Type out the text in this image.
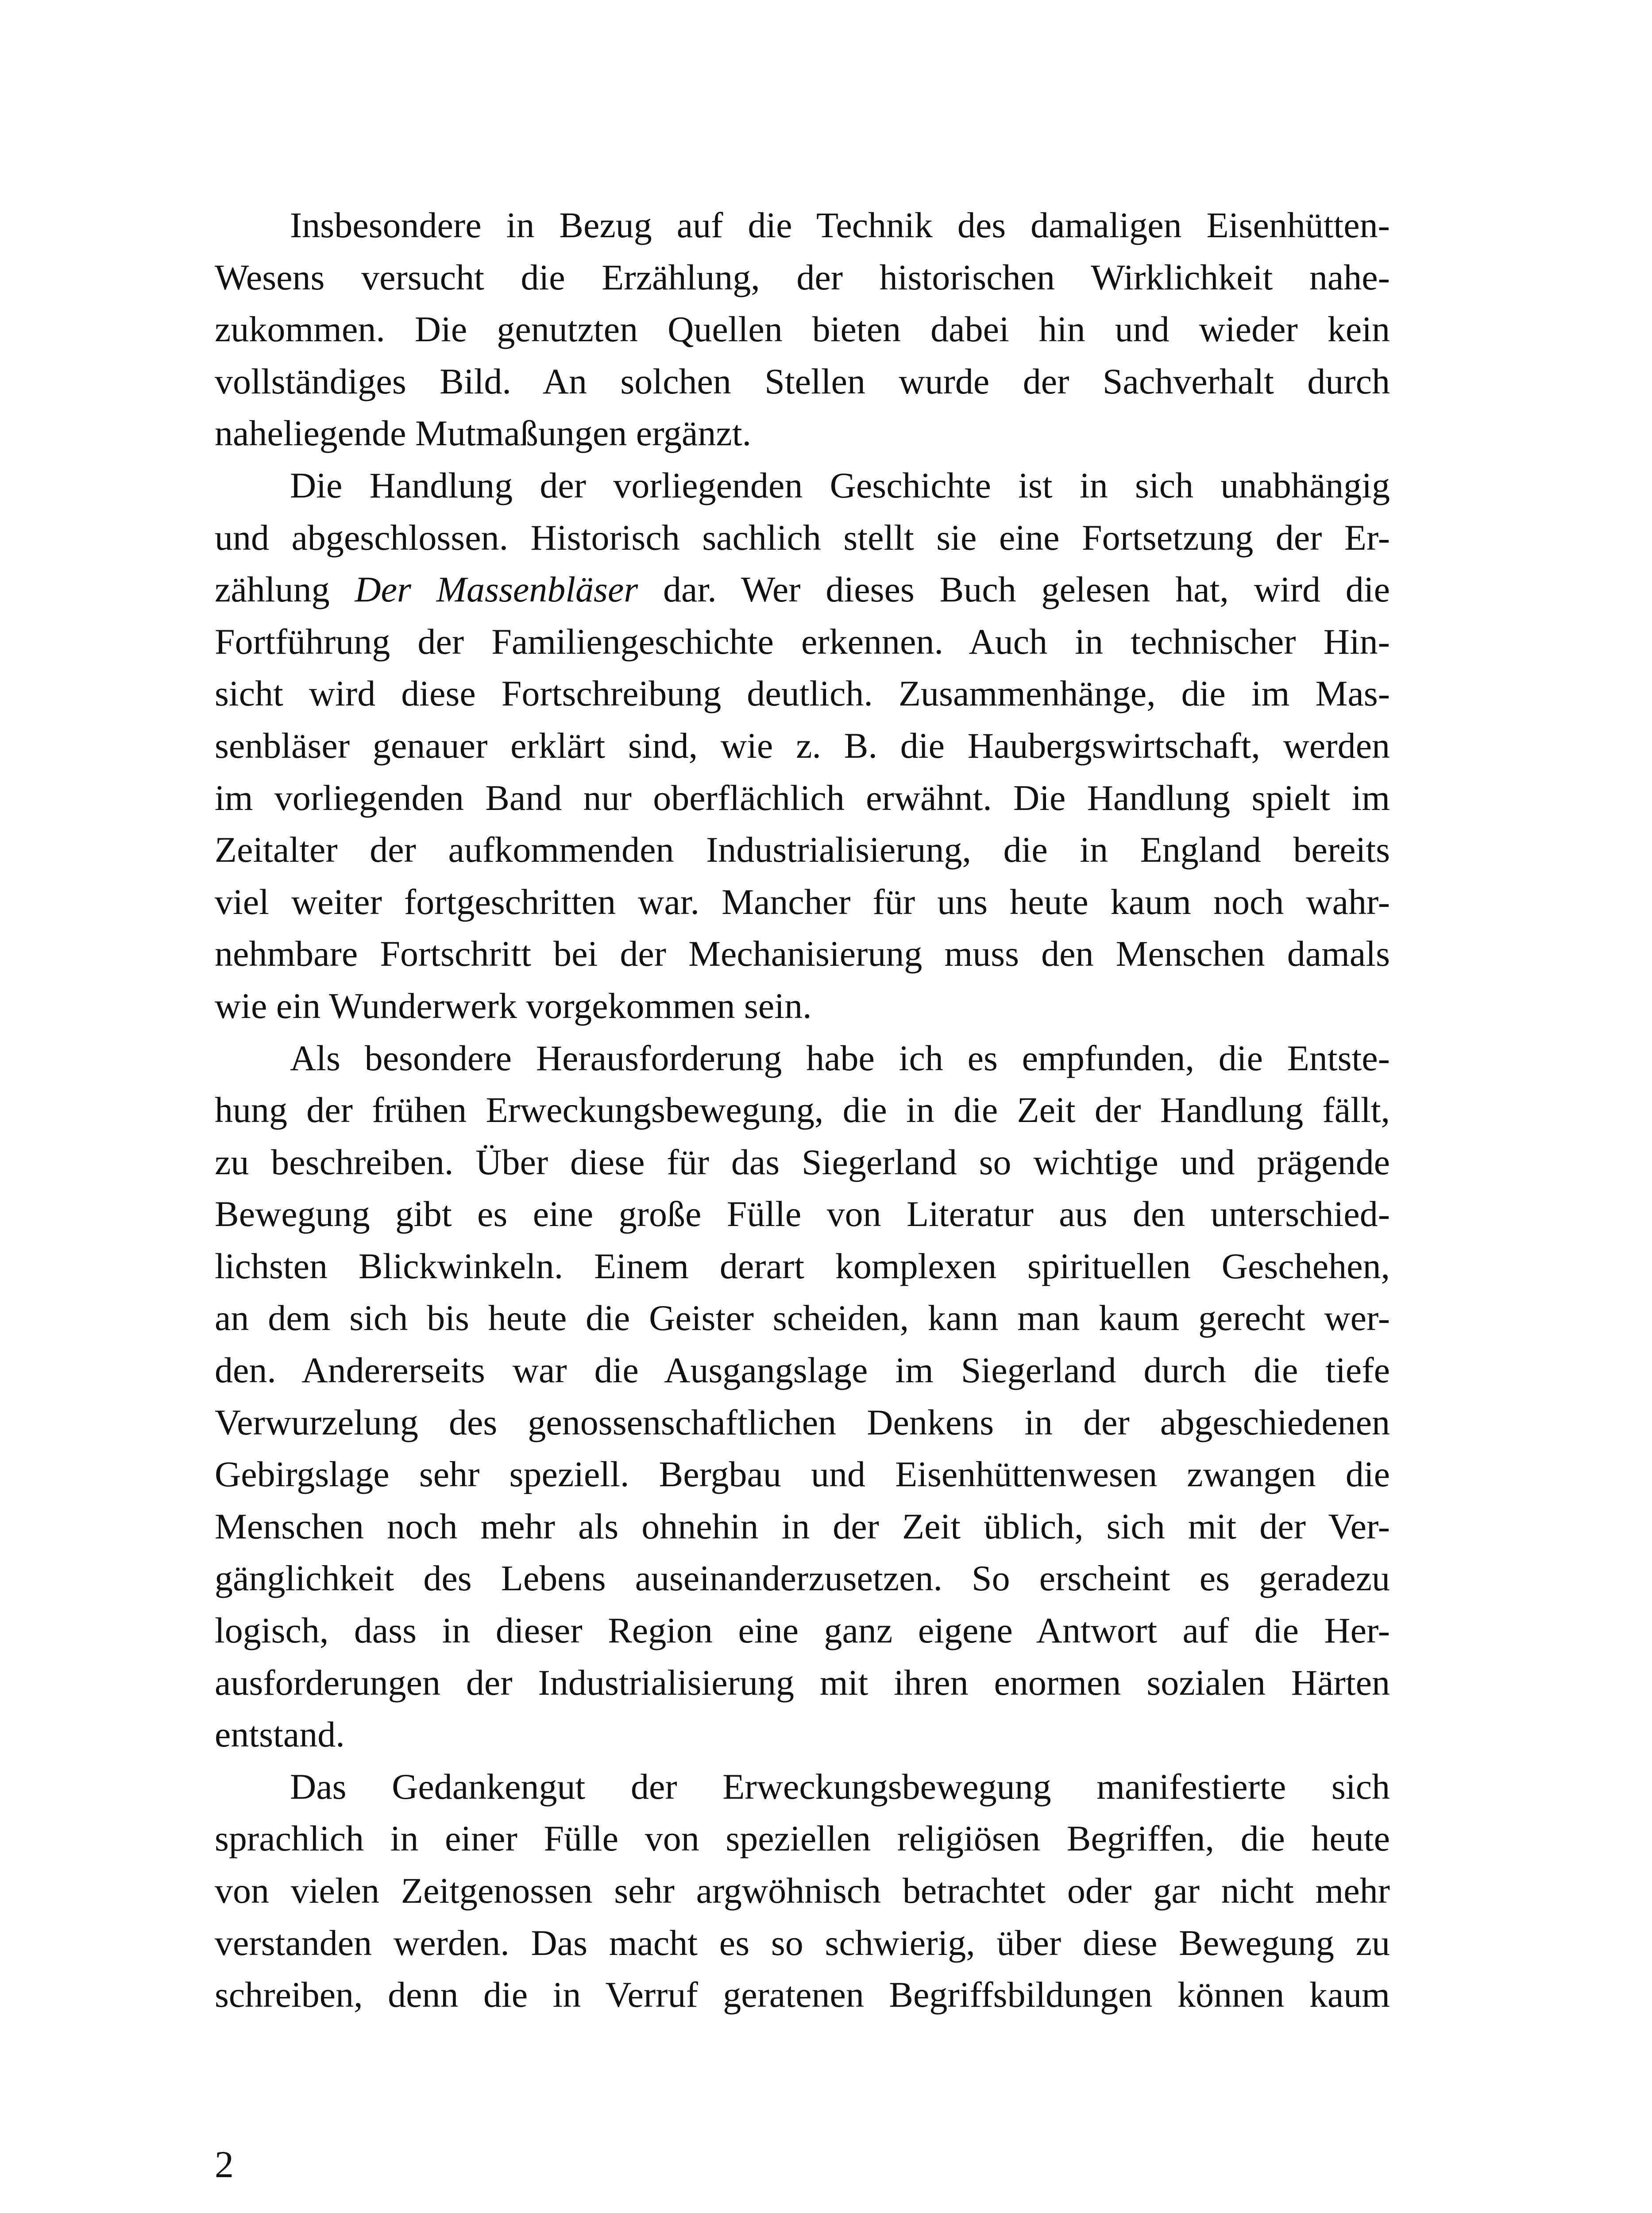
Insbesondere in Bezug auf die Technik des damaligen Eisenhütten-
Wesens versucht die Erzählung, der historischen Wirklichkeit nahe-
zukommen. Die genutzten Quellen bieten dabei hin und wieder kein
vollständiges Bild. An solchen Stellen wurde der Sachverhalt durch
naheliegende Mutmaßungen ergänzt.

Die Handlung der vorliegenden Geschichte ist in sich unabhängig
und abgeschlossen. Historisch sachlich stellt sie eine Fortsetzung der Er-
zählung Der Massenbläser dar. Wer dieses Buch gelesen hat, wird die
Fortführung der Familiengeschichte erkennen. Auch in technischer Hin-
sicht wird diese Fortschreibung deutlich. Zusammenhänge, die im Mas-
senbläser genauer erklärt sind, wie z. B. die Haubergswirtschaft, werden
im vorliegenden Band nur oberflächlich erwähnt. Die Handlung spielt im
Zeitalter der aufkommenden Industrialisierung, die in England bereits
viel weiter fortgeschritten war. Mancher für uns heute kaum noch wahr-
nehmbare Fortschritt bei der Mechanisierung muss den Menschen damals
wie ein Wunderwerk vorgekommen sein.

Als besondere Herausforderung habe ich es empfunden, die Entste-
hung der frühen Erweckungsbewegung, die in die Zeit der Handlung fällt,
zu beschreiben. Über diese für das Siegerland so wichtige und prägende
Bewegung gibt es eine große Fülle von Literatur aus den unterschied-
lichsten Blickwinkeln. Einem derart komplexen spirituellen Geschehen,
an dem sich bis heute die Geister scheiden, kann man kaum gerecht wer-
den. Andererseits war die Ausgangslage im Siegerland durch die tiefe
Verwurzelung des genossenschaftlichen Denkens in der abgeschiedenen
Gebirgslage sehr speziell. Bergbau und Eisenhüttenwesen zwangen die
Menschen noch mehr als ohnehin in der Zeit üblich, sich mit der Ver-
gänglichkeit des Lebens auseinanderzusetzen. So erscheint es geradezu
logisch, dass in dieser Region eine ganz eigene Antwort auf die Her-
ausforderungen der Industrialisierung mit ihren enormen sozialen Härten
entstand.

Das Gedankengut der Erweckungsbewegung manifestierte sich
sprachlich in einer Fülle von speziellen religiösen Begriffen, die heute
von vielen Zeitgenossen sehr argwöhnisch betrachtet oder gar nicht mehr
verstanden werden. Das macht es so schwierig, über diese Bewegung zu
schreiben, denn die in Verruf geratenen Begriffsbildungen können kaum

2
